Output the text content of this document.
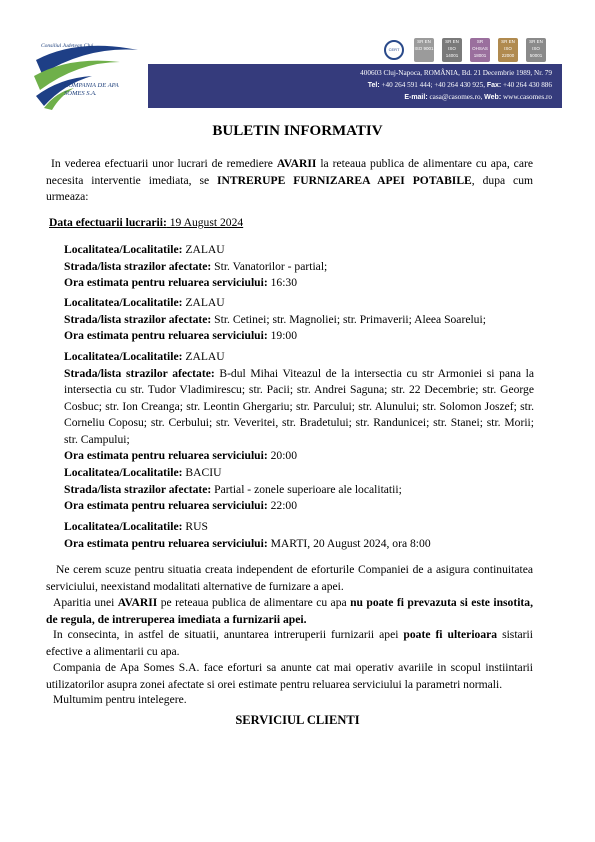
Consiliul Judetean Cluj
COMPANIA DE APA
SOMES S.A.
CERT
SR EN ISO 9001
SR EN ISO 14001
SR OHSAS 18001
SR EN ISO 22000
SR EN ISO 50001
400603 Cluj-Napoca, ROMÂNIA, Bd. 21 Decembrie 1989, Nr. 79
Tel: +40 264 591 444; +40 264 430 925, Fax: +40 264 430 886
E-mail: casa@casomes.ro, Web: www.casomes.ro
BULETIN INFORMATIV
In vederea efectuarii unor lucrari de remediere AVARII la reteaua publica de alimentare cu apa, care necesita interventie imediata, se INTRERUPE FURNIZAREA APEI POTABILE, dupa cum urmeaza:
Data efectuarii lucrarii: 19 August 2024
Localitatea/Localitatile: ZALAU
Strada/lista strazilor afectate: Str. Vanatorilor - partial;
Ora estimata pentru reluarea serviciului: 16:30
Localitatea/Localitatile: ZALAU
Strada/lista strazilor afectate: Str. Cetinei; str. Magnoliei; str. Primaverii; Aleea Soarelui;
Ora estimata pentru reluarea serviciului: 19:00
Localitatea/Localitatile: ZALAU
Strada/lista strazilor afectate: B-dul Mihai Viteazul de la intersectia cu str Armoniei si pana la intersectia cu str. Tudor Vladimirescu; str. Pacii; str. Andrei Saguna; str. 22 Decembrie; str. George Cosbuc; str. Ion Creanga; str. Leontin Ghergariu; str. Parcului; str. Alunului; str. Solomon Joszef; str. Corneliu Coposu; str. Cerbului; str. Veveritei, str. Bradetului; str. Randunicei; str. Stanei; str. Morii; str. Campului;
Ora estimata pentru reluarea serviciului: 20:00
Localitatea/Localitatile: BACIU
Strada/lista strazilor afectate: Partial - zonele superioare ale localitatii;
Ora estimata pentru reluarea serviciului: 22:00
Localitatea/Localitatile: RUS
Ora estimata pentru reluarea serviciului: MARTI, 20 August 2024, ora 8:00
Ne cerem scuze pentru situatia creata independent de eforturile Companiei de a asigura continuitatea serviciului, neexistand modalitati alternative de furnizare a apei.
Aparitia unei AVARII pe reteaua publica de alimentare cu apa nu poate fi prevazuta si este insotita, de regula, de intreruperea imediata a furnizarii apei.
In consecinta, in astfel de situatii, anuntarea intreruperii furnizarii apei poate fi ulterioara sistarii efective a alimentarii cu apa.
Compania de Apa Somes S.A. face eforturi sa anunte cat mai operativ avariile in scopul instiintarii utilizatorilor asupra zonei afectate si orei estimate pentru reluarea serviciului la parametri normali.
Multumim pentru intelegere.
SERVICIUL CLIENTI
